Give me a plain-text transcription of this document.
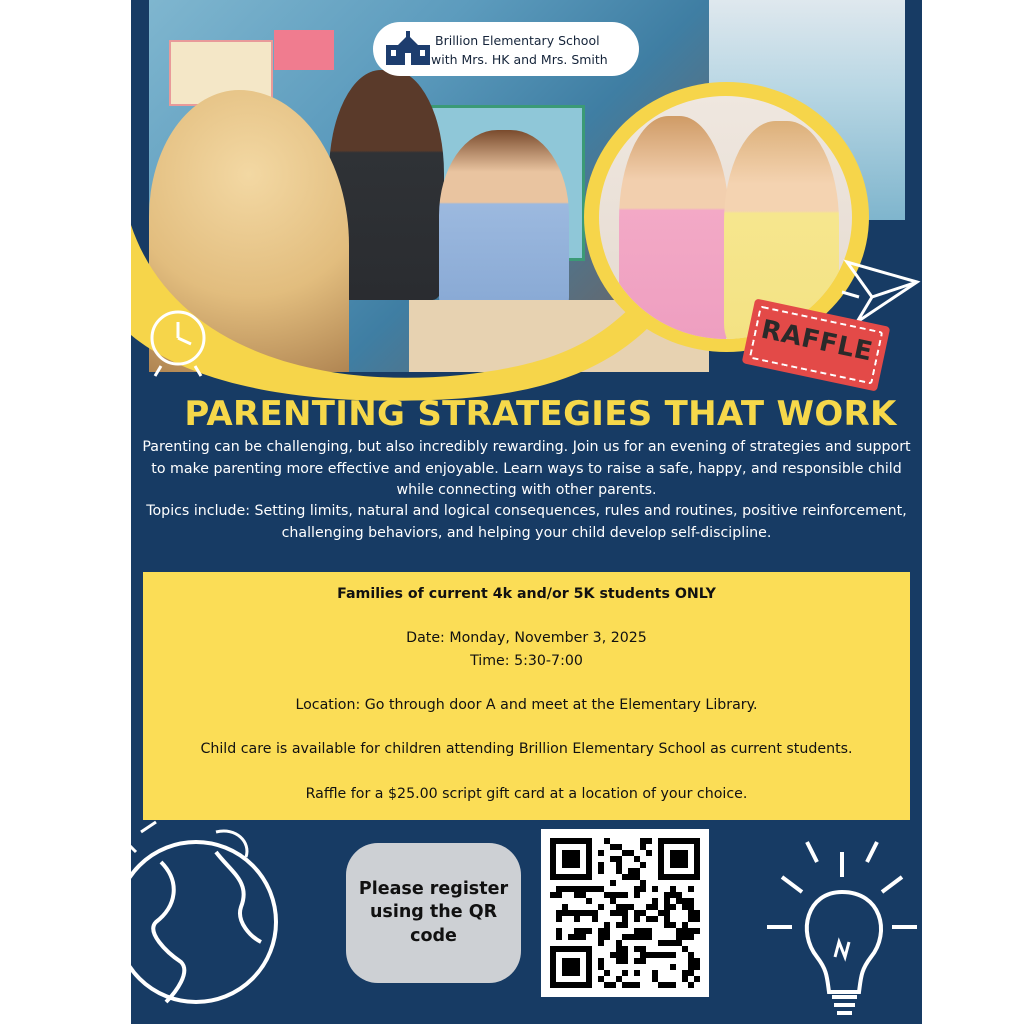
Brillion Elementary School
with Mrs. HK and Mrs. Smith
RAFFLE
PARENTING STRATEGIES THAT WORK

Parenting can be challenging, but also incredibly rewarding. Join us for an evening of strategies and support to make parenting more effective and enjoyable. Learn ways to raise a safe, happy, and responsible child while connecting with other parents.

Topics include: Setting limits, natural and logical consequences, rules and routines, positive reinforcement, challenging behaviors, and helping your child develop self-discipline.

Families of current 4k and/or 5K students ONLY

Date: Monday, November 3, 2025

Time: 5:30-7:00

Location: Go through door A and meet at the Elementary Library.

Child care is available for children attending Brillion Elementary School as current students.

Raffle for a $25.00 script gift card at a location of your choice.

Please register using the QR code
